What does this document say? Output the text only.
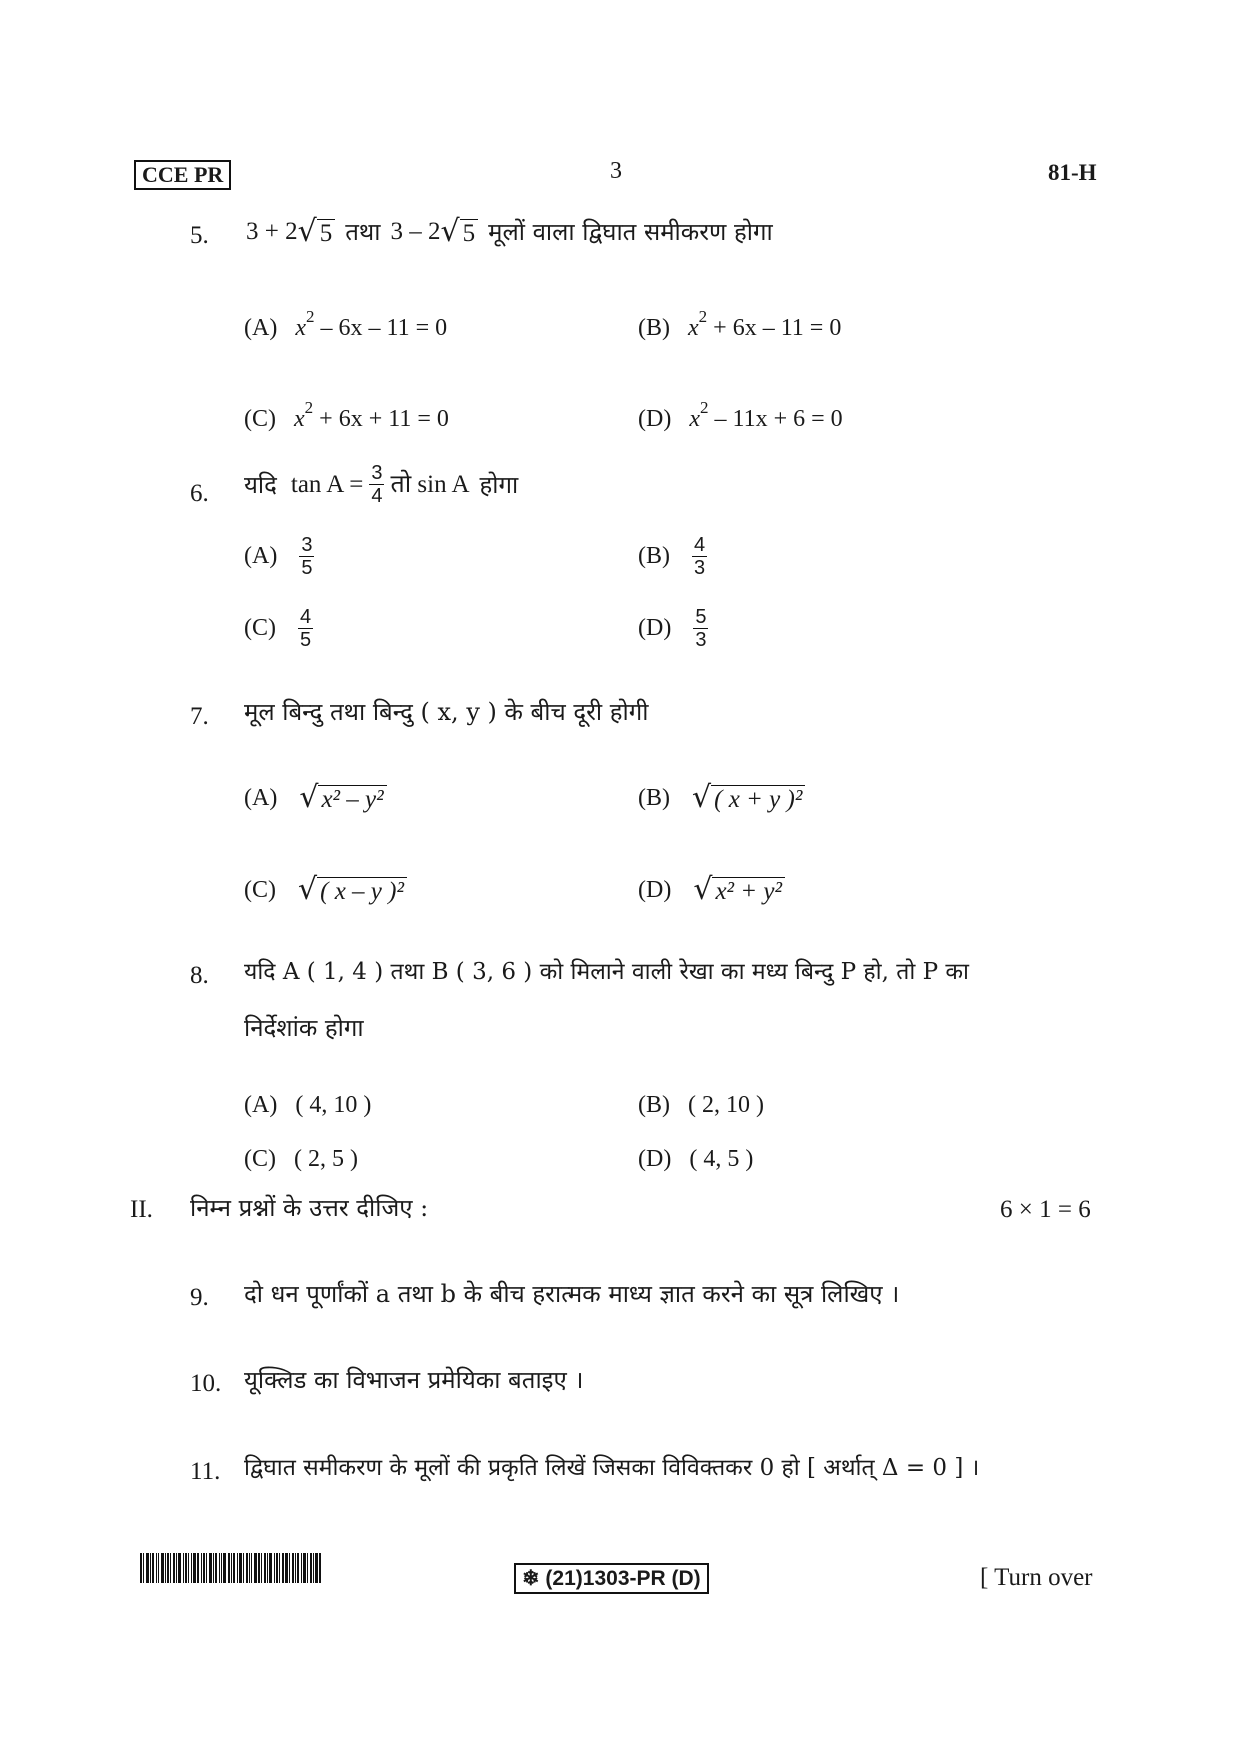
CCE PR	3	81-H
5. 3 + 2 √ 5 तथा 3 – 2 √ 5 मूलों वाला द्विघात समीकरण होगा
(A) $x^2 - 6x - 11 = 0$	(B) $x^2 + 6x - 11 = 0$
(C) $x^2 + 6x + 11 = 0$	(D) $x^2 - 11x + 6 = 0$
6. यदि $\tan A = \frac{3}{4}$ तो sin A होगा
$(A) \frac{3}{5}$	$(B) \frac{4}{3}$
$(C) \frac{4}{5}$	$(D) \frac{5}{3}$
7. मूल बिन्दु तथा बिन्दु ( x, y ) के बीच दूरी होगी
(A) √ x² – y²	(B) √ ( x + y )²
(C) √ ( x – y )²	(D) √ x² + y²
8. यदि A ( 1, 4 ) तथा B ( 3, 6 ) को मिलाने वाली रेखा का मध्य बिन्दु P हो, तो P का
निर्देशांक होगा
(A) ( 4, 10 )	(B) ( 2, 10 )
(C) ( 2, 5 )	(D) ( 4, 5 )
II. निम्न प्रश्नों के उत्तर दीजिए :	6 × 1 = 6
9. दो धन पूर्णांकों a तथा b के बीच हरात्मक माध्य ज्ञात करने का सूत्र लिखिए ।
10. यूक्लिड का विभाजन प्रमेयिका बताइए ।
11. द्विघात समीकरण के मूलों की प्रकृति लिखें जिसका विविक्तकर 0 हो [ अर्थात् Δ = 0 ] ।
❄ (21)1303-PR (D)	[ Turn over
